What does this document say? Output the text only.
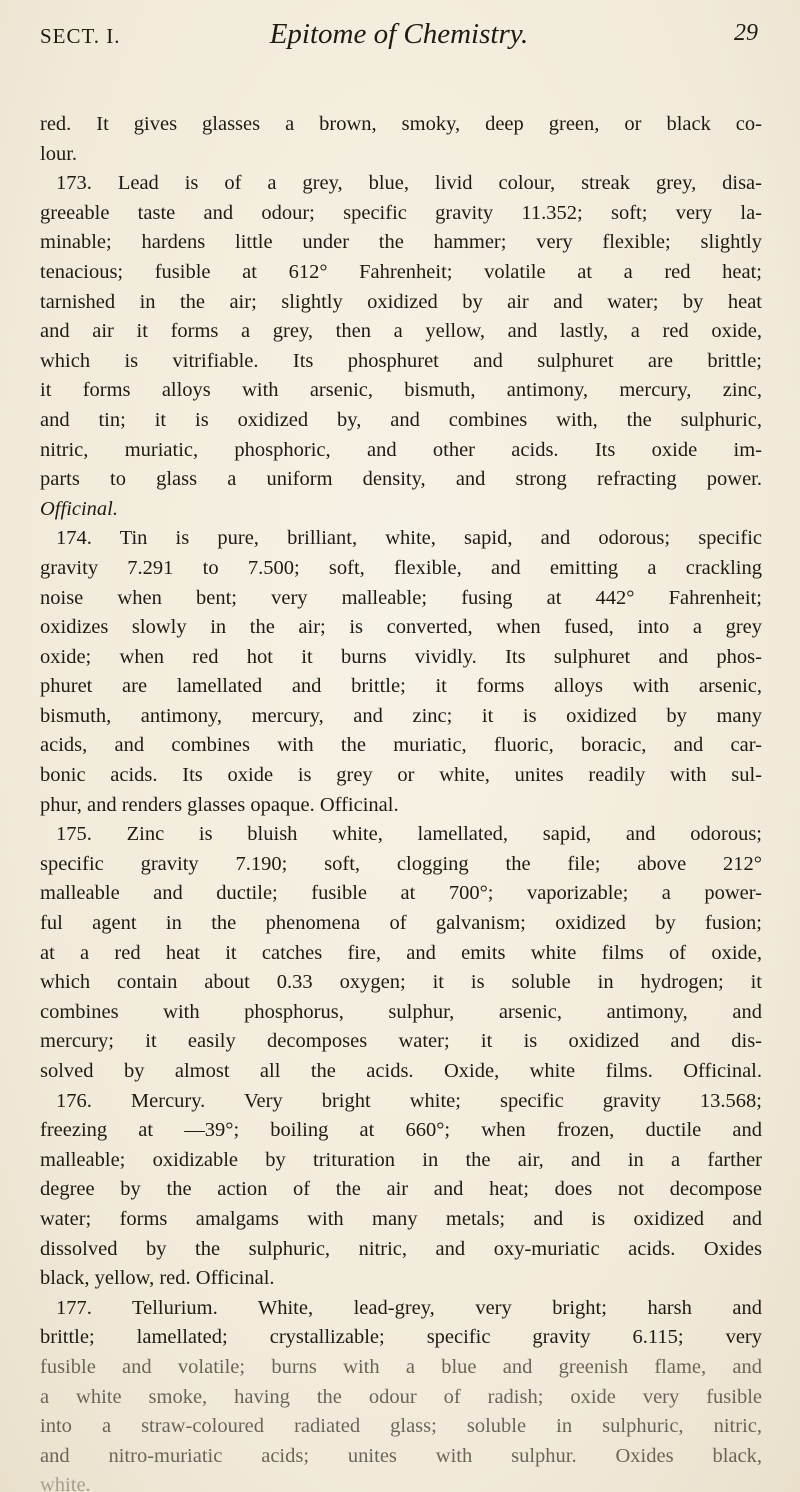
SECT. I.	Epitome of Chemistry.	29
red. It gives glasses a brown, smoky, deep green, or black co-
lour.
173. Lead is of a grey, blue, livid colour, streak grey, disa-
greeable taste and odour; specific gravity 11.352; soft; very la-
minable; hardens little under the hammer; very flexible; slightly
tenacious; fusible at 612° Fahrenheit; volatile at a red heat;
tarnished in the air; slightly oxidized by air and water; by heat
and air it forms a grey, then a yellow, and lastly, a red oxide,
which is vitrifiable. Its phosphuret and sulphuret are brittle;
it forms alloys with arsenic, bismuth, antimony, mercury, zinc,
and tin; it is oxidized by, and combines with, the sulphuric,
nitric, muriatic, phosphoric, and other acids. Its oxide im-
parts to glass a uniform density, and strong refracting power.
Officinal.
174. Tin is pure, brilliant, white, sapid, and odorous; specific
gravity 7.291 to 7.500; soft, flexible, and emitting a crackling
noise when bent; very malleable; fusing at 442° Fahrenheit;
oxidizes slowly in the air; is converted, when fused, into a grey
oxide; when red hot it burns vividly. Its sulphuret and phos-
phuret are lamellated and brittle; it forms alloys with arsenic,
bismuth, antimony, mercury, and zinc; it is oxidized by many
acids, and combines with the muriatic, fluoric, boracic, and car-
bonic acids. Its oxide is grey or white, unites readily with sul-
phur, and renders glasses opaque. Officinal.
175. Zinc is bluish white, lamellated, sapid, and odorous;
specific gravity 7.190; soft, clogging the file; above 212°
malleable and ductile; fusible at 700°; vaporizable; a power-
ful agent in the phenomena of galvanism; oxidized by fusion;
at a red heat it catches fire, and emits white films of oxide,
which contain about 0.33 oxygen; it is soluble in hydrogen; it
combines with phosphorus, sulphur, arsenic, antimony, and
mercury; it easily decomposes water; it is oxidized and dis-
solved by almost all the acids. Oxide, white films. Officinal.
176. Mercury. Very bright white; specific gravity 13.568;
freezing at —39°; boiling at 660°; when frozen, ductile and
malleable; oxidizable by trituration in the air, and in a farther
degree by the action of the air and heat; does not decompose
water; forms amalgams with many metals; and is oxidized and
dissolved by the sulphuric, nitric, and oxy-muriatic acids. Oxides
black, yellow, red. Officinal.
177. Tellurium. White, lead-grey, very bright; harsh and
brittle; lamellated; crystallizable; specific gravity 6.115; very
fusible and volatile; burns with a blue and greenish flame, and
a white smoke, having the odour of radish; oxide very fusible
into a straw-coloured radiated glass; soluble in sulphuric, nitric,
and nitro-muriatic acids; unites with sulphur. Oxides black,
white.
